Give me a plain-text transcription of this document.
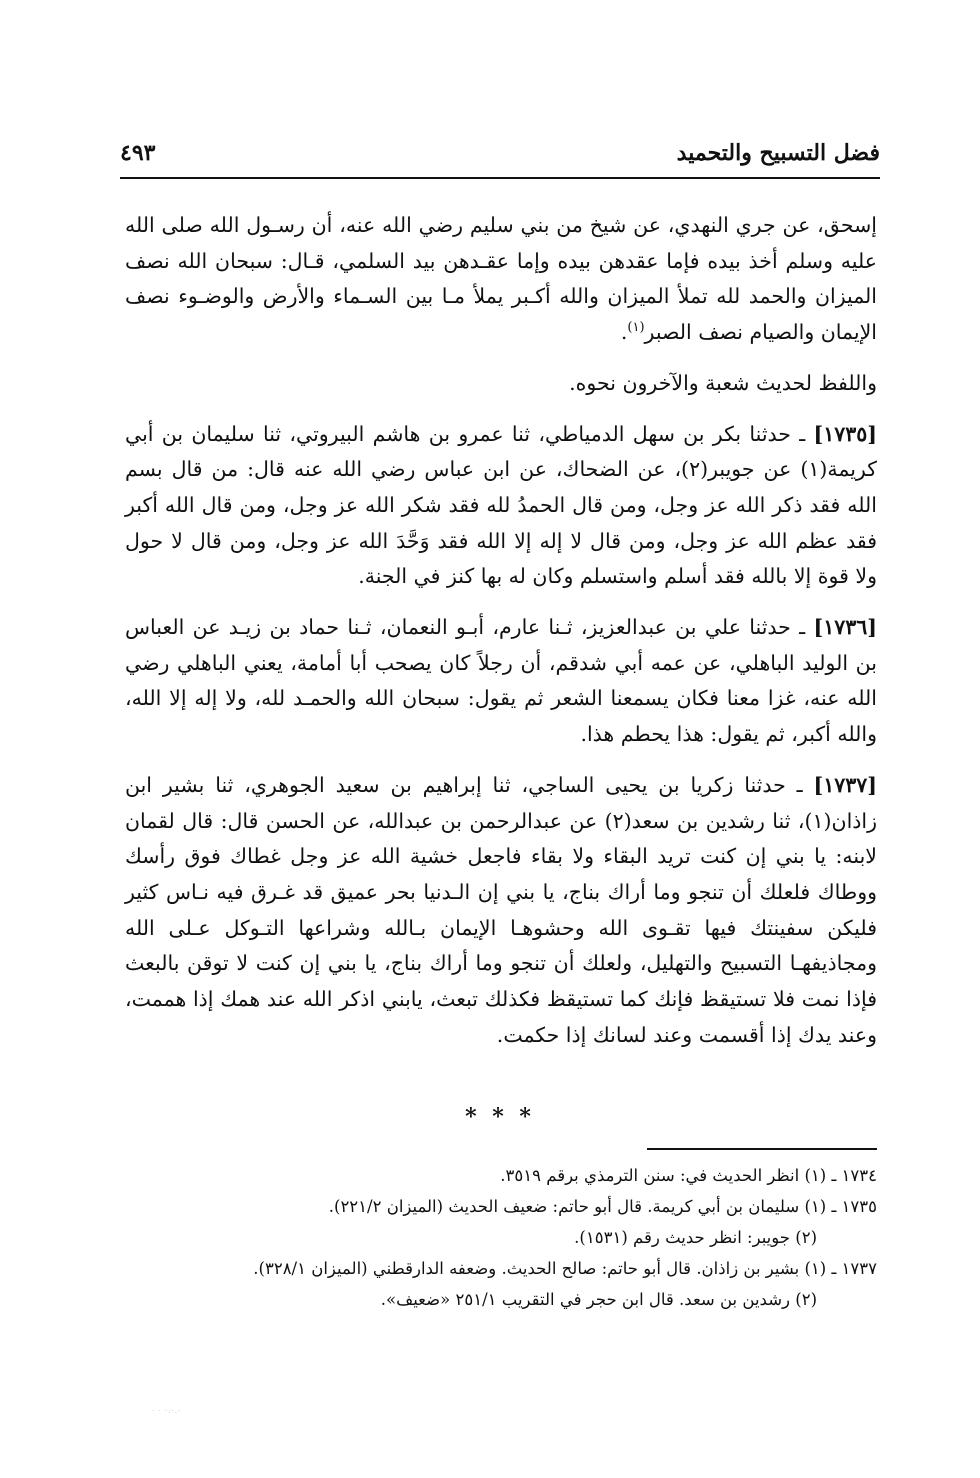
فضل التسبيح والتحميد
٤٩٣

إسحق، عن جري النهدي، عن شيخ من بني سليم رضي الله عنه، أن رسـول الله صلى الله عليه وسلم أخذ بيده فإما عقدهن بيده وإما عقـدهن بيد السلمي، قـال: سبحان الله نصف الميزان والحمد لله تملأ الميزان والله أكـبر يملأ مـا بين السـماء والأرض والوضـوء نصف الإيمان والصيام نصف الصبر$^{(١)}$.

واللفظ لحديث شعبة والآخرون نحوه.

[١٧٣٥] ـ حدثنا بكر بن سهل الدمياطي، ثنا عمرو بن هاشم البيروتي، ثنا سليمان بن أبي كريمة(١) عن جويبر(٢)، عن الضحاك، عن ابن عباس رضي الله عنه قال: من قال بسم الله فقد ذكر الله عز وجل، ومن قال الحمدُ لله فقد شكر الله عز وجل، ومن قال الله أكبر فقد عظم الله عز وجل، ومن قال لا إله إلا الله فقد وَحَّدَ الله عز وجل، ومن قال لا حول ولا قوة إلا بالله فقد أسلم واستسلم وكان له بها كنز في الجنة.

[١٧٣٦] ـ حدثنا علي بن عبدالعزيز، ثـنا عارم، أبـو النعمان، ثـنا حماد بن زيـد عن العباس بن الوليد الباهلي، عن عمه أبي شدقم، أن رجلاً كان يصحب أبا أمامة، يعني الباهلي رضي الله عنه، غزا معنا فكان يسمعنا الشعر ثم يقول: سبحان الله والحمـد لله، ولا إله إلا الله، والله أكبر، ثم يقول: هذا يحطم هذا.

[١٧٣٧] ـ حدثنا زكريا بن يحيى الساجي، ثنا إبراهيم بن سعيد الجوهري، ثنا بشير ابن زاذان(١)، ثنا رشدين بن سعد(٢) عن عبدالرحمن بن عبدالله، عن الحسن قال: قال لقمان لابنه: يا بني إن كنت تريد البقاء ولا بقاء فاجعل خشية الله عز وجل غطاك فوق رأسك ووطاك فلعلك أن تنجو وما أراك بناج، يا بني إن الـدنيا بحر عميق قد غـرق فيه نـاس كثير فليكن سفينتك فيها تقـوى الله وحشوهـا الإيمان بـالله وشراعها التـوكل عـلى الله ومجاذيفهـا التسبيح والتهليل، ولعلك أن تنجو وما أراك بناج، يا بني إن كنت لا توقن بالبعث فإذا نمت فلا تستيقظ فإنك كما تستيقظ فكذلك تبعث، يابني اذكر الله عند همك إذا هممت، وعند يدك إذا أقسمت وعند لسانك إذا حكمت.

* * *
١٧٣٤ ـ (١) انظر الحديث في: سنن الترمذي برقم ٣٥١٩.
١٧٣٥ ـ (١) سليمان بن أبي كريمة. قال أبو حاتم: ضعيف الحديث (الميزان ٢٢١/٢).
(٢) جويبر: انظر حديث رقم (١٥٣١).
١٧٣٧ ـ (١) بشير بن زاذان. قال أبو حاتم: صالح الحديث. وضعفه الدارقطني (الميزان ٣٢٨/١).
(٢) رشدين بن سعد. قال ابن حجر في التقريب ٢٥١/١ «ضعيف».
· · ·:·.·
